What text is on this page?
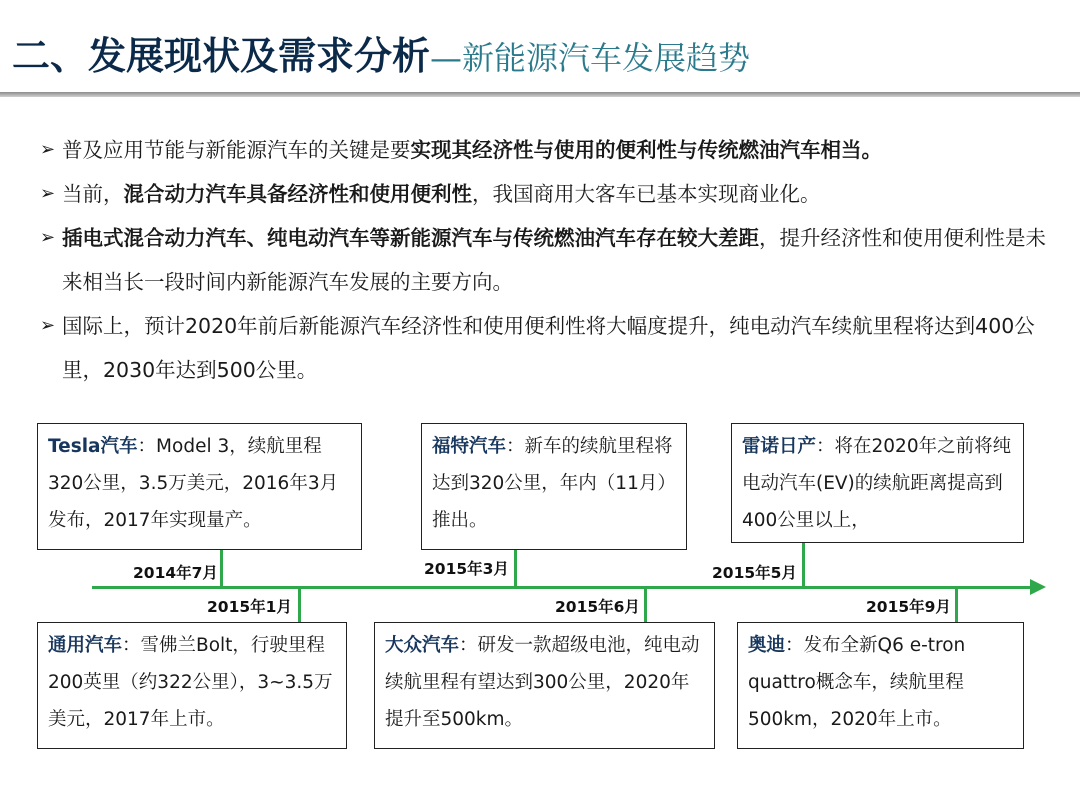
二、发展现状及需求分析—新能源汽车发展趋势
➢ 普及应用节能与新能源汽车的关键是要实现其经济性与使用的便利性与传统燃油汽车相当。
➢ 当前，混合动力汽车具备经济性和使用便利性，我国商用大客车已基本实现商业化。
➢ 插电式混合动力汽车、纯电动汽车等新能源汽车与传统燃油汽车存在较大差距，提升经济性和使用便利性是未来相当长一段时间内新能源汽车发展的主要方向。
➢ 国际上，预计2020年前后新能源汽车经济性和使用便利性将大幅度提升，纯电动汽车续航里程将达到400公里，2030年达到500公里。
Tesla汽车：Model 3，续航里程320公里，3.5万美元，2016年3月发布，2017年实现量产。
福特汽车：新车的续航里程将达到320公里，年内（11月）推出。
雷诺日产：将在2020年之前将纯电动汽车(EV)的续航距离提高到400公里以上，
通用汽车：雪佛兰Bolt，行驶里程200英里（约322公里），3~3.5万美元，2017年上市。
大众汽车：研发一款超级电池，纯电动续航里程有望达到300公里，2020年提升至500km。
奥迪：发布全新Q6 e-tron quattro概念车，续航里程500km，2020年上市。
2014年7月	2015年3月	2015年5月
2015年1月	2015年6月	2015年9月
